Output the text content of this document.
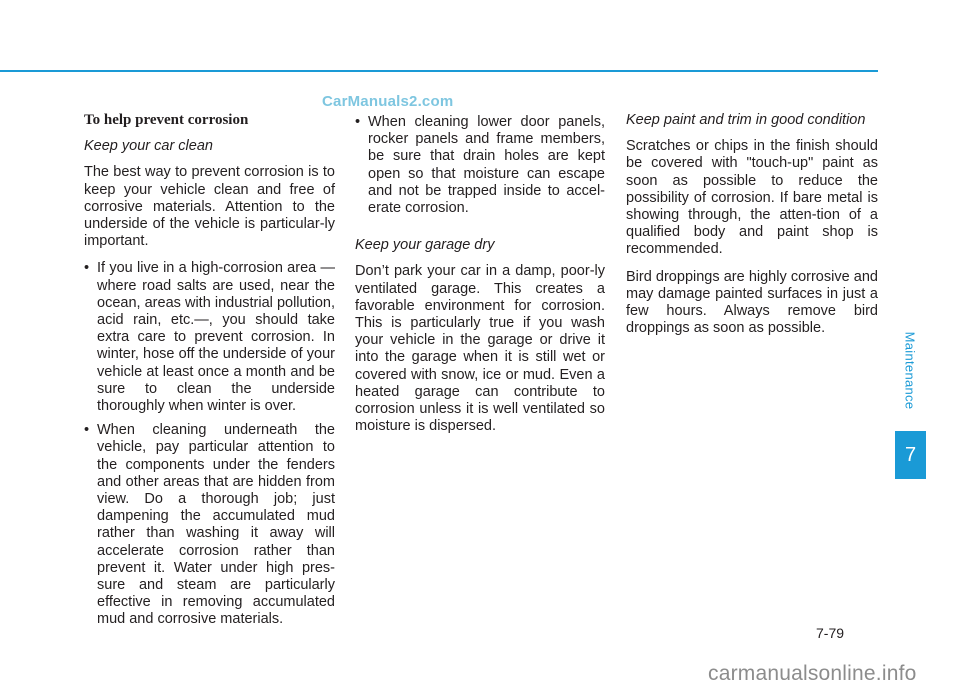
CarManuals2.com
To help prevent corrosion
Keep your car clean

The best way to prevent corrosion is to keep your vehicle clean and free of corrosive materials. Attention to the underside of the vehicle is particular-ly important.

• If you live in a high-corrosion area — where road salts are used, near the ocean, areas with industrial pollution, acid rain, etc.—, you should take extra care to prevent corrosion. In winter, hose off the underside of your vehicle at least once a month and be sure to clean the underside thoroughly when winter is over.
• When cleaning underneath the vehicle, pay particular attention to the components under the fenders and other areas that are hidden from view. Do a thorough job; just dampening the accumulated mud rather than washing it away will accelerate corrosion rather than prevent it. Water under high pres-sure and steam are particularly effective in removing accumulated mud and corrosive materials.
• When cleaning lower door panels, rocker panels and frame members, be sure that drain holes are kept open so that moisture can escape and not be trapped inside to accel-erate corrosion.
Keep your garage dry

Don’t park your car in a damp, poor-ly ventilated garage. This creates a favorable environment for corrosion. This is particularly true if you wash your vehicle in the garage or drive it into the garage when it is still wet or covered with snow, ice or mud. Even a heated garage can contribute to corrosion unless it is well ventilated so moisture is dispersed.

Keep paint and trim in good condition

Scratches or chips in the finish should be covered with "touch-up" paint as soon as possible to reduce the possibility of corrosion. If bare metal is showing through, the atten-tion of a qualified body and paint shop is recommended.

Bird droppings are highly corrosive and may damage painted surfaces in just a few hours. Always remove bird droppings as soon as possible.

Maintenance
7
7-79
carmanualsonline.info
